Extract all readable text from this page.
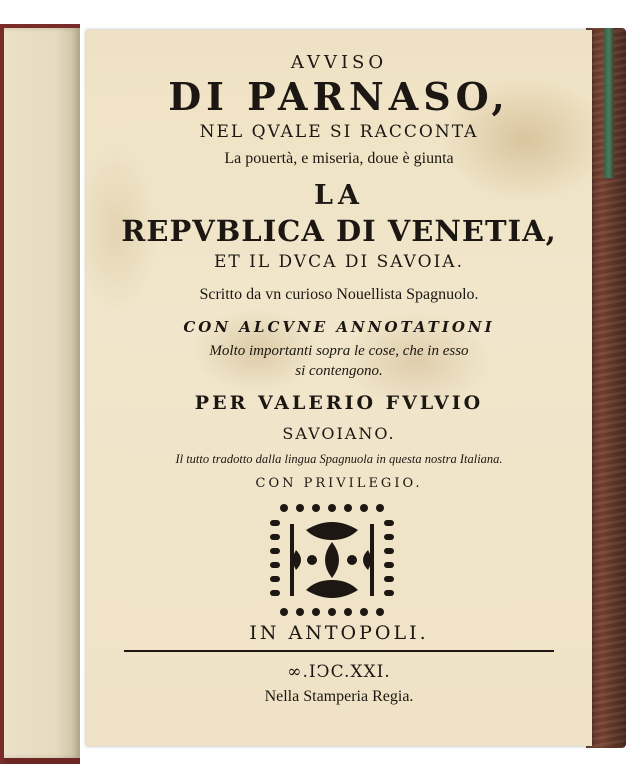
AVVISO
DI PARNASO,
NEL QVALE SI RACCONTA
La pouertà, e miseria, doue è giunta
LA
REPVBLICA DI VENETIA,
ET IL DVCA DI SAVOIA.
Scritto da vn curioso Nouellista Spagnuolo.
CON ALCVNE ANNOTATIONI
Molto importanti sopra le cose, che in esso
si contengono.
PER VALERIO FVLVIO
SAVOIANO.
Il tutto tradotto dalla lingua Spagnuola in questa nostra Italiana.
CON PRIVILEGIO.
IN ANTOPOLI.
∞.IϽC.XXI.
Nella Stamperia Regia.
